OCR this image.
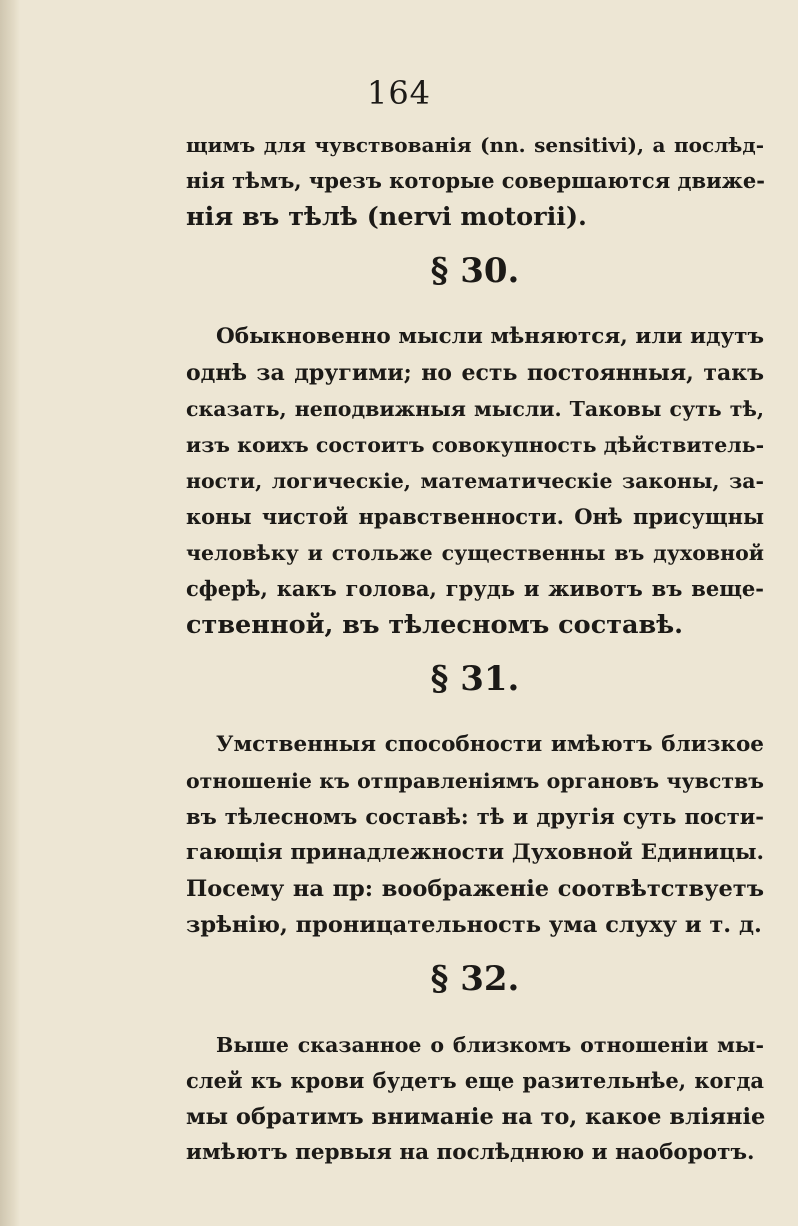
164
щимъ для чувствованія (nn. sensitivi), а послѣд-
нія тѣмъ, чрезъ которые совершаются движе-
нія въ тѣлѣ (nervi motorii).
§ 30.
Обыкновенно мысли мѣняются, или идутъ
однѣ за другими; но есть постоянныя, такъ
сказать, неподвижныя мысли. Таковы суть тѣ,
изъ коихъ состоитъ совокупность дѣйствитель-
ности, логическіе, математическіе законы, за-
коны чистой нравственности. Онѣ присущны
человѣку и стольже существенны въ духовной
сферѣ, какъ голова, грудь и животъ въ веще-
ственной, въ тѣлесномъ составѣ.
§ 31.
Умственныя способности имѣютъ близкое
отношеніе къ отправленіямъ органовъ чувствъ
въ тѣлесномъ составѣ: тѣ и другія суть пости-
гающія принадлежности Духовной Единицы.
Посему на пр: воображеніе соотвѣтствуетъ
зрѣнію, проницательность ума слуху и т. д.
§ 32.
Выше сказанное о близкомъ отношеніи мы-
слей къ крови будетъ еще разительнѣе, когда
мы обратимъ вниманіе на то, какое вліяніе
имѣютъ первыя на послѣднюю и наоборотъ.
